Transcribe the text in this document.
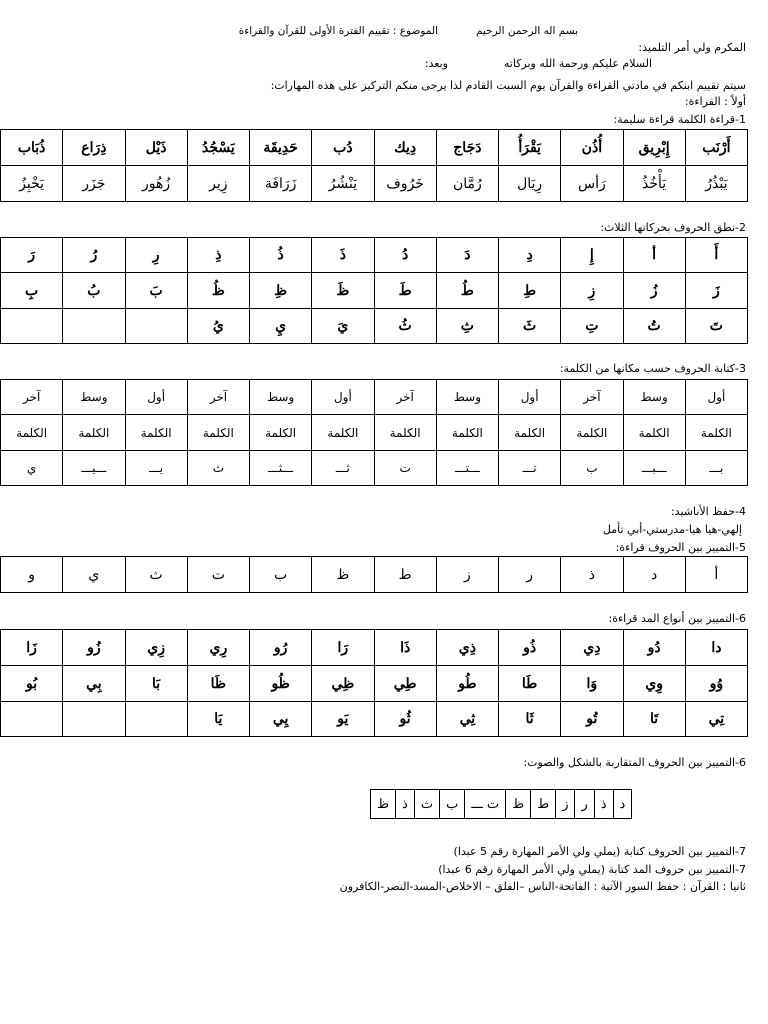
بسم اله الرحمن الرحيم
الموضوع : تقييم الفترة الأولى للقرآن والقراءة
المكرم ولي أمر التلميذ:
السلام عليكم ورحمة الله وبركاته
وبعد:
سيتم تقييم ابنكم في مادتي القراءة والقرآن يوم السبت القادم لذا يرجى منكم التركيز على هذه المهارات:
أولاً : القراءة:
1-قراءة الكلمة قراءة سليمة:
أَرْنَب	إِبْرِيق	أُذُن	يَقْرَأُ	دَجَاج	دِيك	دُب	حَدِيقَة	يَسْجُدُ	ذَيْل	ذِرَاع	ذُبَاب
يَبْذُرُ	يَأْخُذُ	رَأس	رِيَال	رُمَّان	خَرُوف	يَنْشُرُ	زَرَافَة	زِير	زُهُور	جَزَر	يَخْبِزُ
2-نطق الحروف بحركاتها الثلاث:
أَ	أ	إِ	دِ	دَ	دُ	ذَ	ذُ	ذِ	رِ	رُ	رَ
زَ	زُ	زِ	طِ	طُ	طَ	ظَ	ظِ	ظُ	بَ	بُ	بِ
تَ	تُ	تِ	ثَ	ثِ	ثُ	يَ	يِ	يُ			
3-كتابة الحروف حسب مكانها من الكلمة:
أول	وسط	آخر	أول	وسط	آخر	أول	وسط	آخر	أول	وسط	آخر
الكلمة	الكلمة	الكلمة	الكلمة	الكلمة	الكلمة	الكلمة	الكلمة	الكلمة	الكلمة	الكلمة	الكلمة
بـــ	ـــبـــ	ب	تـــ	ـــتـــ	ت	ثـــ	ـــثـــ	ث	يـــ	ـــيـــ	ي
4-حفظ الأناشيد:
إلهي-هيا هيا-مدرستي-أبي تأمل
5-التمييز بين الحروف قراءة:
أ	د	ذ	ر	ز	ط	ظ	ب	ت	ث	ي	و
6-التمييز بين أنواع المد قراءة:
دا	دُو	دِي	ذُو	ذِي	ذَا	رَا	رُو	رِي	زِي	زُو	زَا
وُو	وِي	وَا	طَا	طُو	طِي	ظِي	ظُو	ظَا	بَا	بِي	بُو
تِي	تَا	تُو	ثَا	ثِي	ثُو	يَو	يِي	يَا			
6-التمييز بين الحروف المتقاربة بالشكل والصوت:
د	ذ	ر	ز	ط	ظ	ت ـــ	ب	ث	ذ	ظ
7-التمييز بين الحروف كتابة (يملي ولي الأمر المهارة رقم 5 عبدا)
7-التمييز بين حروف المد كتابة (يملي ولي الأمر المهارة رقم 6 عبدا)
ثانيا : القرآن : حفظ السور الآتية : الفاتحة-الناس –الفلق – الاخلاص-المسد-النصر-الكافرون
